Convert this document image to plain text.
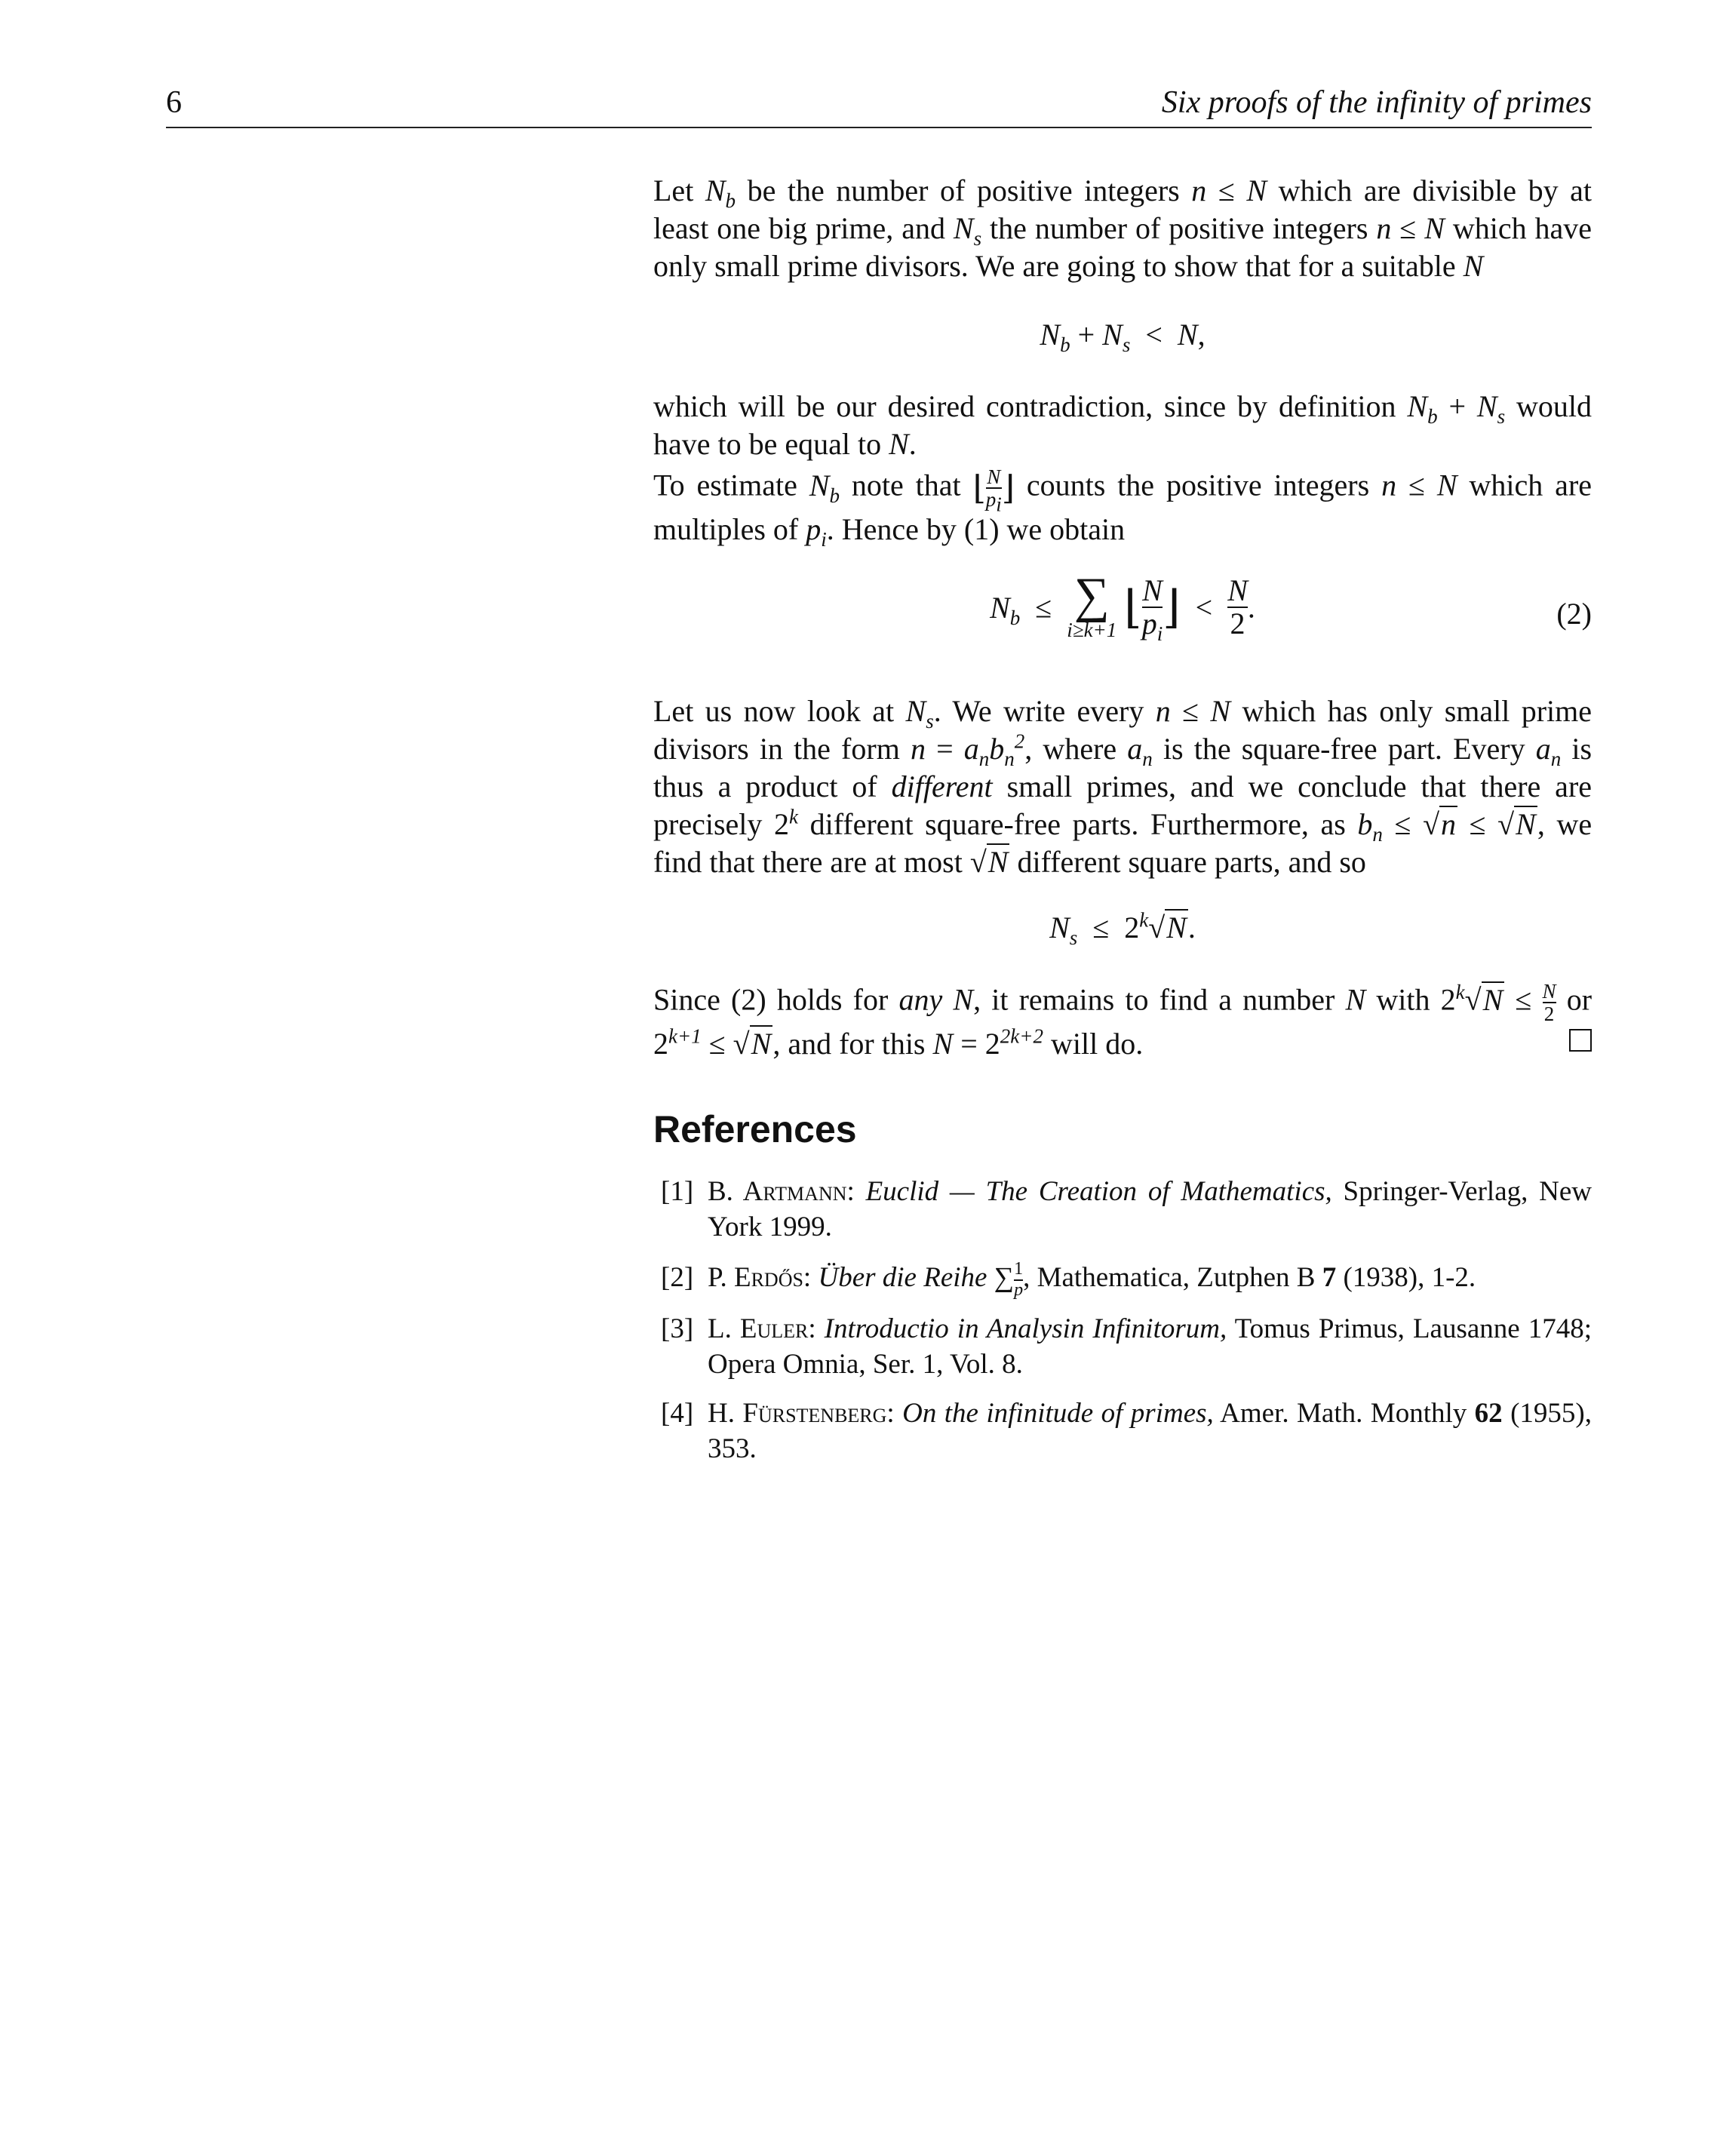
6	Six proofs of the infinity of primes

Let $N_b$ be the number of positive integers n ≤ N which are divisible by at least one big prime, and $N_s$ the number of positive integers n ≤ N which have only small prime divisors. We are going to show that for a suitable N

$N_b + N_s < N$,

which will be our desired contradiction, since by definition $N_b + N_s$ would have to be equal to N.

To estimate $N_b$ note that ⌊ $\frac{N}{p_i}$ ⌋ counts the positive integers n ≤ N which are multiples of $p_i$. Hence by (1) we obtain

$N_b$  ≤ ∑
i≥k+1 ⌊ $\frac{N}{p_i}$ ⌋  < $\frac{N}{2}$ .	(2)

Let us now look at $N_s$. We write every n ≤ N which has only small prime divisors in the form $n = a_nb_n^2$, where $a_n$ is the square-free part. Every $a_n$ is thus a product of different small primes, and we conclude that there are precisely 2$^k$ different square-free parts. Furthermore, as $b_n \le √n \le √N$, we find that there are at most √N different square parts, and so

$N_s \le 2^k√N$.

Since (2) holds for any N, it remains to find a number N with $2^k√N \le \frac{N}{2}$ or $2^{k+1} \le √N$, and for this $N = 2^{2k+2}$ will do.

References
[1] B. Artmann: Euclid — The Creation of Mathematics, Springer-Verlag, New York 1999.
[2] P. Erdős: Über die Reihe ∑ $\frac{1}{p}$ , Mathematica, Zutphen B 7 (1938), 1-2.
[3] L. Euler: Introductio in Analysin Infinitorum, Tomus Primus, Lausanne 1748; Opera Omnia, Ser. 1, Vol. 8.
[4] H. Fürstenberg: On the infinitude of primes, Amer. Math. Monthly 62 (1955), 353.
